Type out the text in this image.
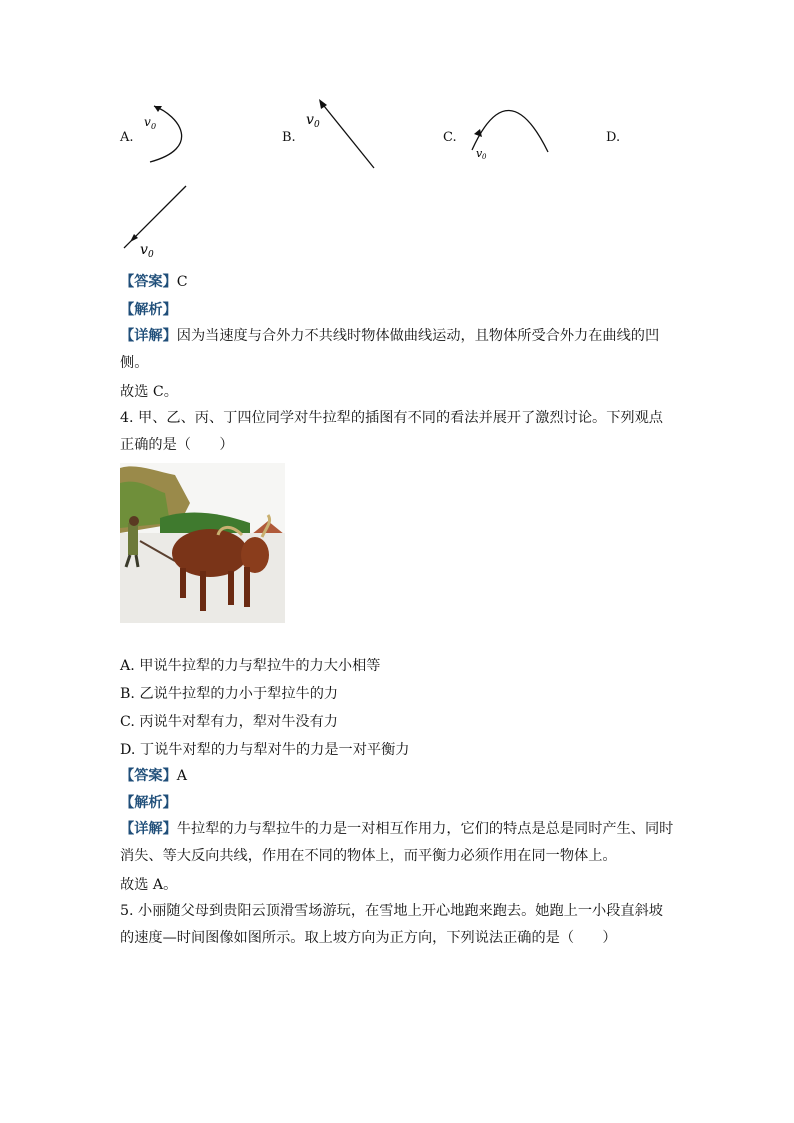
A.
v 0
B.
v 0
C.
v 0
D.
v 0
【答案】C
【解析】
【详解】因为当速度与合外力不共线时物体做曲线运动，且物体所受合外力在曲线的凹侧。
故选 C。
4. 甲、乙、丙、丁四位同学对牛拉犁的插图有不同的看法并展开了激烈讨论。下列观点正确的是（　　）
A. 甲说牛拉犁的力与犁拉牛的力大小相等
B. 乙说牛拉犁的力小于犁拉牛的力
C. 丙说牛对犁有力，犁对牛没有力
D. 丁说牛对犁的力与犁对牛的力是一对平衡力
【答案】A
【解析】
【详解】牛拉犁的力与犁拉牛的力是一对相互作用力，它们的特点是总是同时产生、同时消失、等大反向共线，作用在不同的物体上，而平衡力必须作用在同一物体上。
故选 A。
5. 小丽随父母到贵阳云顶滑雪场游玩，在雪地上开心地跑来跑去。她跑上一小段直斜坡的速度—时间图像如图所示。取上坡方向为正方向，下列说法正确的是（　　）
